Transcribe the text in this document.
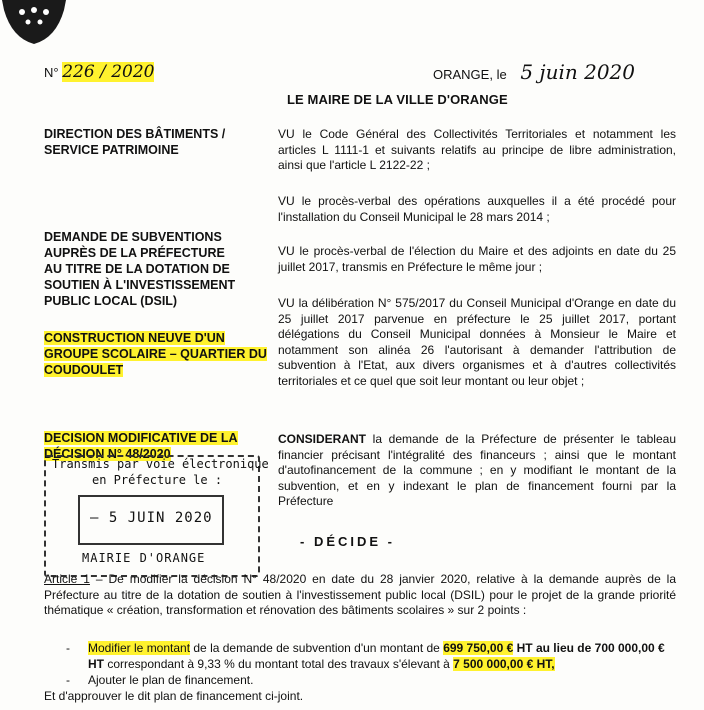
N° 226 / 2020	ORANGE, le 5 juin 2020
LE MAIRE DE LA VILLE D'ORANGE
DIRECTION DES BÂTIMENTS /
SERVICE PATRIMOINE
DEMANDE DE SUBVENTIONS
AUPRÈS DE LA PRÉFECTURE
AU TITRE DE LA DOTATION DE
SOUTIEN À L'INVESTISSEMENT
PUBLIC LOCAL (DSIL)
CONSTRUCTION NEUVE D'UN
GROUPE SCOLAIRE – QUARTIER DU
COUDOULET
DECISION MODIFICATIVE DE LA
DÉCISION N° 48/2020

VU le Code Général des Collectivités Territoriales et notamment les articles L 1111-1 et suivants relatifs au principe de libre administration, ainsi que l'article L 2122-22 ;

VU le procès-verbal des opérations auxquelles il a été procédé pour l'installation du Conseil Municipal le 28 mars 2014 ;

VU le procès-verbal de l'élection du Maire et des adjoints en date du 25 juillet 2017, transmis en Préfecture le même jour ;

VU la délibération N° 575/2017 du Conseil Municipal d'Orange en date du 25 juillet 2017 parvenue en préfecture le 25 juillet 2017, portant délégations du Conseil Municipal données à Monsieur le Maire et notamment son alinéa 26 l'autorisant à demander l'attribution de subvention à l'Etat, aux divers organismes et à d'autres collectivités territoriales et ce quel que soit leur montant ou leur objet ;

CONSIDERANT la demande de la Préfecture de présenter le tableau financier précisant l'intégralité des financeurs ; ainsi que le montant d'autofinancement de la commune ; en y modifiant le montant de la subvention, et en y indexant le plan de financement fourni par la Préfecture

Transmis par voie électronique
en Préfecture le :
– 5 JUIN 2020
MAIRIE D'ORANGE
- DÉCIDE -
Article 1 – De modifier la décision N° 48/2020 en date du 28 janvier 2020, relative à la demande auprès de la Préfecture au titre de la dotation de soutien à l'investissement public local (DSIL) pour le projet de la grande priorité thématique « création, transformation et rénovation des bâtiments scolaires » sur 2 points :
- Modifier le montant de la demande de subvention d'un montant de 699 750,00 € HT au lieu de 700 000,00 € HT correspondant à 9,33 % du montant total des travaux s'élevant à 7 500 000,00 € HT,
- Ajouter le plan de financement.
Et d'approuver le dit plan de financement ci-joint.
